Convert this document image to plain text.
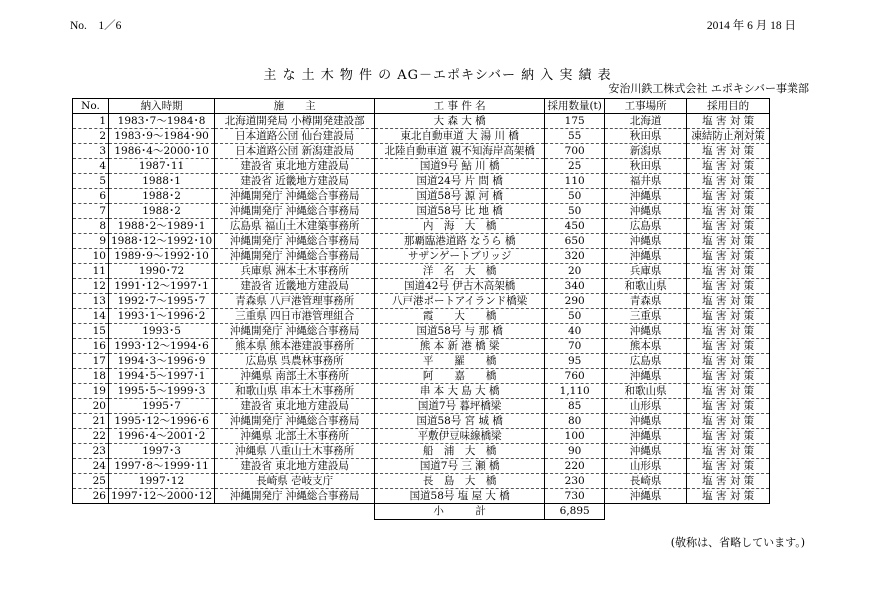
No.　1／6	2014 年 6 月 18 日
主 な 土 木 物 件 の AG－エポキシバー 納 入 実 績 表
安治川鉄工株式会社 エポキシバー事業部
No.	納入時期	施　　主	工 事 件 名	採用数量(t)	工事場所	採用目的
1	1983･7～1984･8	北海道開発局 小樽開発建設部	大 森 大 橋	175	北海道	塩 害 対 策
2	1983･9～1984･90	日本道路公団 仙台建設局	東北自動車道 大 湯 川 橋	55	秋田県	凍結防止剤対策
3	1986･4～2000･10	日本道路公団 新潟建設局	北陸自動車道 親不知海岸高架橋	700	新潟県	塩 害 対 策
4	1987･11	建設省 東北地方建設局	国道9号 鮎 川 橋	25	秋田県	塩 害 対 策
5	1988･1	建設省 近畿地方建設局	国道24号 片 問 橋	110	福井県	塩 害 対 策
6	1988･2	沖縄開発庁 沖縄総合事務局	国道58号 源 河 橋	50	沖縄県	塩 害 対 策
7	1988･2	沖縄開発庁 沖縄総合事務局	国道58号 比 地 橋	50	沖縄県	塩 害 対 策
8	1988･2～1989･1	広島県 福山土木建築事務所	内　海　大　橋	450	広島県	塩 害 対 策
9	1988･12～1992･10	沖縄開発庁 沖縄総合事務局	那覇臨港道路 なうら 橋	650	沖縄県	塩 害 対 策
10	1989･9～1992･10	沖縄開発庁 沖縄総合事務局	サザンゲートブリッジ	320	沖縄県	塩 害 対 策
11	1990･72	兵庫県 洲本土木事務所	洋　名　大　橋	20	兵庫県	塩 害 対 策
12	1991･12～1997･1	建設省 近畿地方建設局	国道42号 伊古木高架橋	340	和歌山県	塩 害 対 策
13	1992･7～1995･7	青森県 八戸港管理事務所	八戸港ポートアイランド橋梁	290	青森県	塩 害 対 策
14	1993･1～1996･2	三重県 四日市港管理組合	霞　　大　　橋	50	三重県	塩 害 対 策
15	1993･5	沖縄開発庁 沖縄総合事務局	国道58号 与 那 橋	40	沖縄県	塩 害 対 策
16	1993･12～1994･6	熊本県 熊本港建設事務所	熊 本 新 港 橋 梁	70	熊本県	塩 害 対 策
17	1994･3～1996･9	広島県 呉農林事務所	平　　羅　　橋	95	広島県	塩 害 対 策
18	1994･5～1997･1	沖縄県 南部土木事務所	阿　　嘉　　橋	760	沖縄県	塩 害 対 策
19	1995･5～1999･3	和歌山県 串本土木事務所	串 本 大 島 大 橋	1,110	和歌山県	塩 害 対 策
20	1995･7	建設省 東北地方建設局	国道7号 暮坪橋梁	85	山形県	塩 害 対 策
21	1995･12～1996･6	沖縄開発庁 沖縄総合事務局	国道58号 宮 城 橋	80	沖縄県	塩 害 対 策
22	1996･4～2001･2	沖縄県 北部土木事務所	平敷伊豆味線橋梁	100	沖縄県	塩 害 対 策
23	1997･3	沖縄県 八重山土木事務所	船　浦　大　橋	90	沖縄県	塩 害 対 策
24	1997･8～1999･11	建設省 東北地方建設局	国道7号 三 瀬 橋	220	山形県	塩 害 対 策
25	1997･12	長崎県 壱岐支庁	長　島　大　橋	230	長崎県	塩 害 対 策
26	1997･12～2000･12	沖縄開発庁 沖縄総合事務局	国道58号 塩 屋 大 橋	730	沖縄県	塩 害 対 策
			小　　　計	6,895		
(敬称は、省略しています。)
